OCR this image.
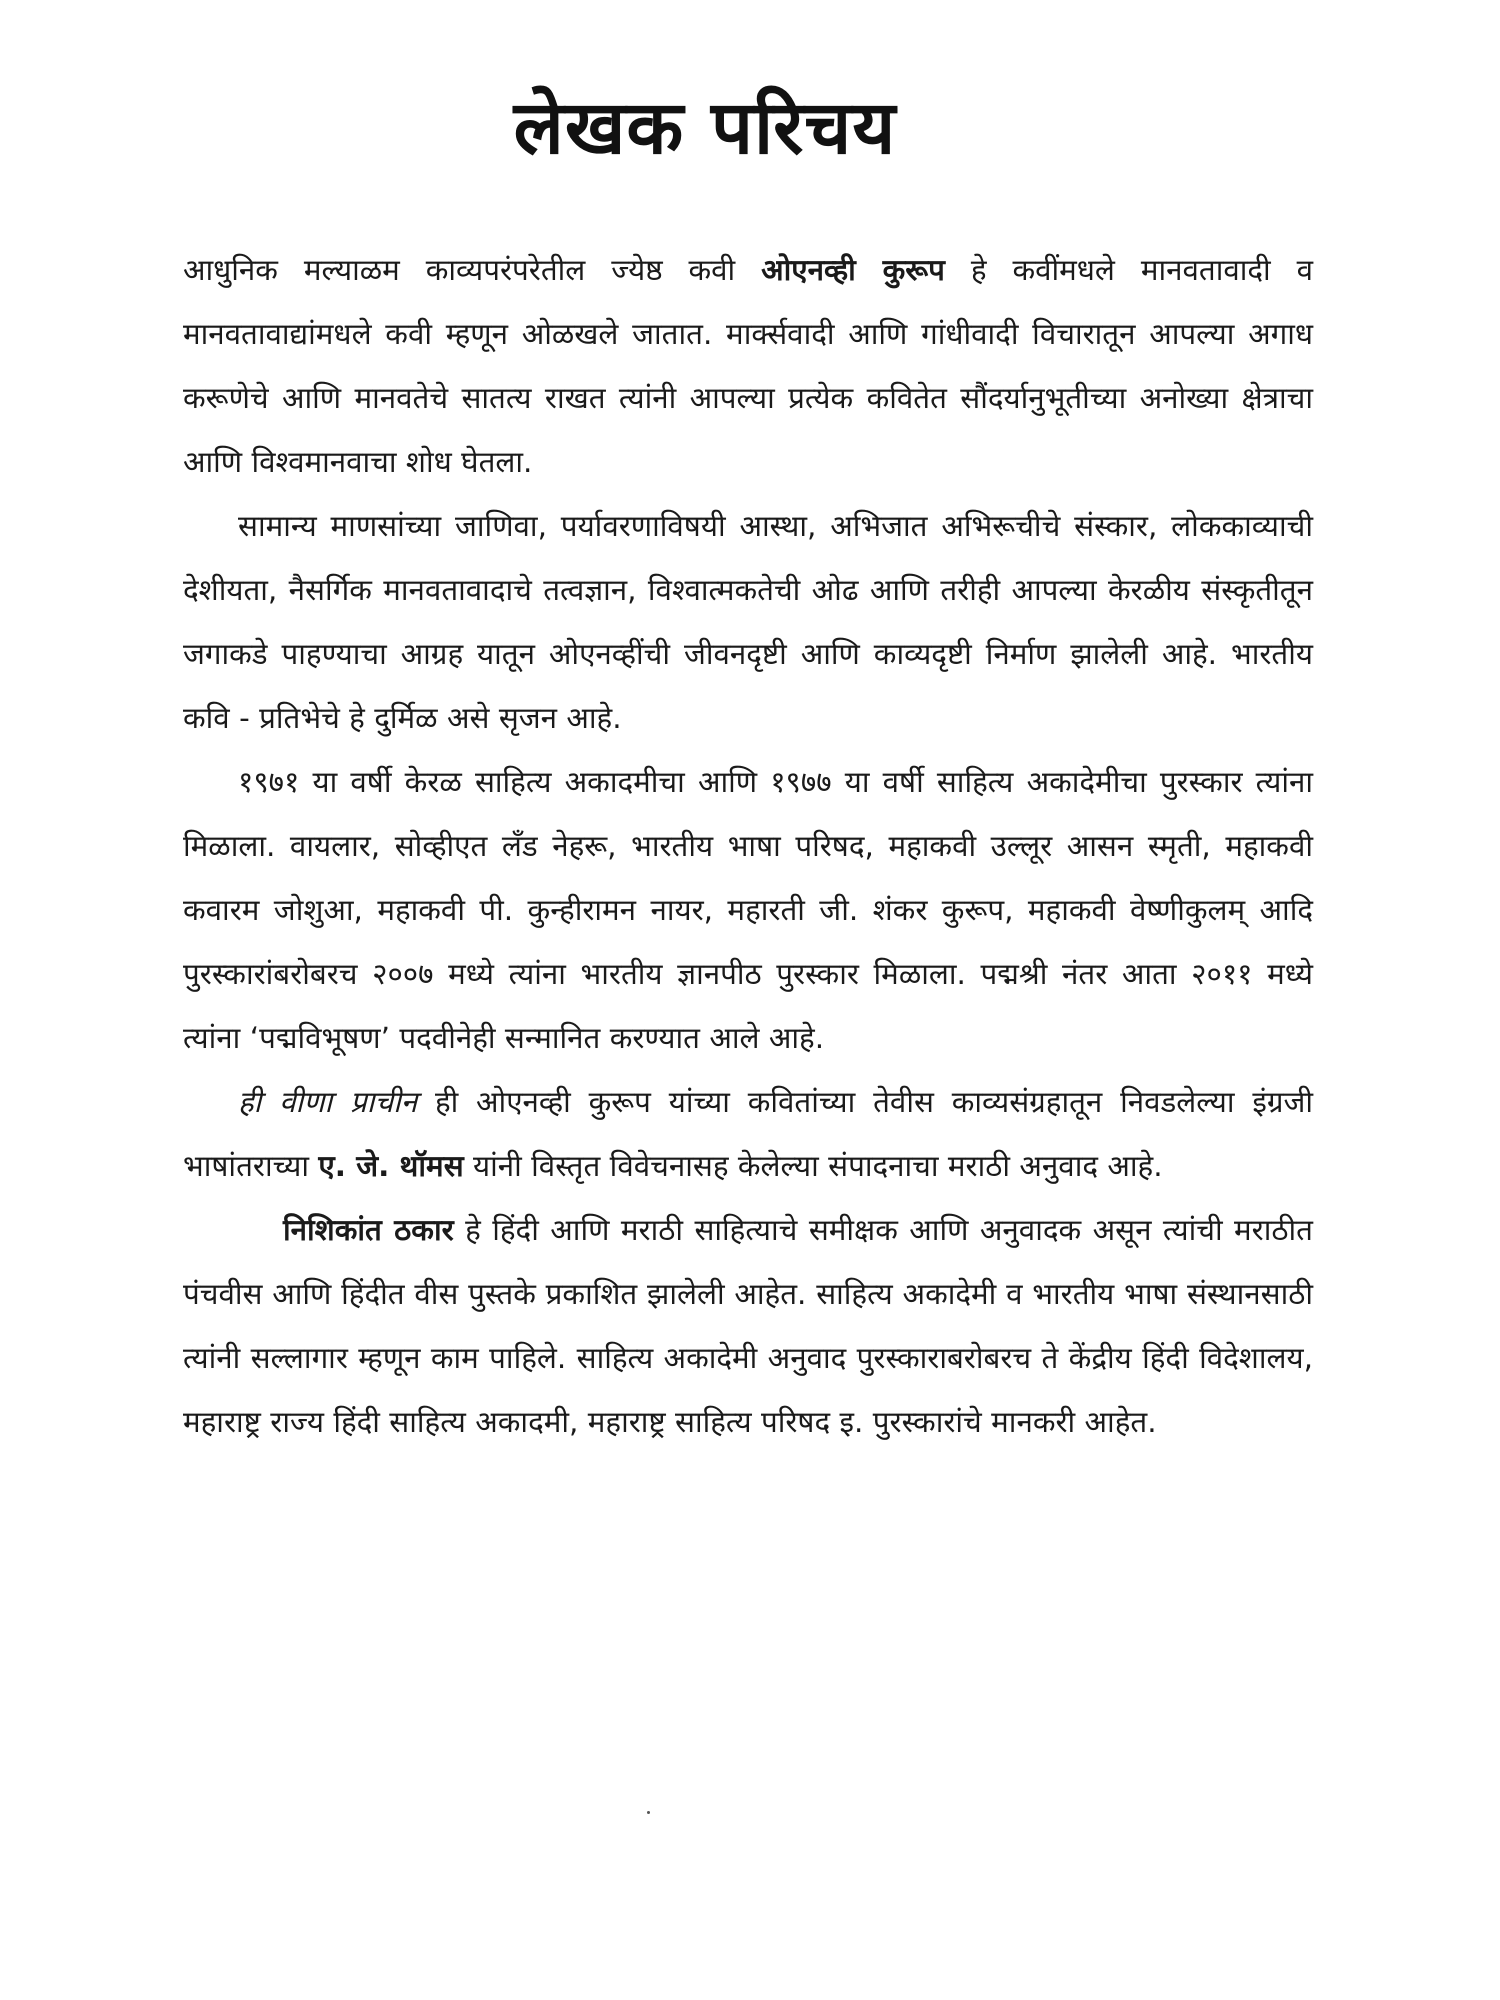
लेखक परिचय

आधुनिक मल्याळम काव्यपरंपरेतील ज्येष्ठ कवी ओएनव्ही कुरूप हे कवींमधले मानवतावादी व मानवतावाद्यांमधले कवी म्हणून ओळखले जातात. मार्क्सवादी आणि गांधीवादी विचारातून आपल्या अगाध करूणेचे आणि मानवतेचे सातत्य राखत त्यांनी आपल्या प्रत्येक कवितेत सौंदर्यानुभूतीच्या अनोख्या क्षेत्राचा आणि विश्वमानवाचा शोध घेतला.

सामान्य माणसांच्या जाणिवा, पर्यावरणाविषयी आस्था, अभिजात अभिरूचीचे संस्कार, लोककाव्याची देशीयता, नैसर्गिक मानवतावादाचे तत्वज्ञान, विश्वात्मकतेची ओढ आणि तरीही आपल्या केरळीय संस्कृतीतून जगाकडे पाहण्याचा आग्रह यातून ओएनव्हींची जीवनदृष्टी आणि काव्यदृष्टी निर्माण झालेली आहे. भारतीय कवि - प्रतिभेचे हे दुर्मिळ असे सृजन आहे.

१९७१ या वर्षी केरळ साहित्य अकादमीचा आणि १९७७ या वर्षी साहित्य अकादेमीचा पुरस्कार त्यांना मिळाला. वायलार, सोव्हीएत लँड नेहरू, भारतीय भाषा परिषद, महाकवी उल्लूर आसन स्मृती, महाकवी कवारम जोशुआ, महाकवी पी. कुन्हीरामन नायर, महारती जी. शंकर कुरूप, महाकवी वेष्णीकुलम् आदि पुरस्कारांबरोबरच २००७ मध्ये त्यांना भारतीय ज्ञानपीठ पुरस्कार मिळाला. पद्मश्री नंतर आता २०११ मध्ये त्यांना ‘पद्मविभूषण’ पदवीनेही सन्मानित करण्यात आले आहे.

ही वीणा प्राचीन ही ओएनव्ही कुरूप यांच्या कवितांच्या तेवीस काव्यसंग्रहातून निवडलेल्या इंग्रजी भाषांतराच्या ए. जे. थॉमस यांनी विस्तृत विवेचनासह केलेल्या संपादनाचा मराठी अनुवाद आहे.

निशिकांत ठकार हे हिंदी आणि मराठी साहित्याचे समीक्षक आणि अनुवादक असून त्यांची मराठीत पंचवीस आणि हिंदीत वीस पुस्तके प्रकाशित झालेली आहेत. साहित्य अकादेमी व भारतीय भाषा संस्थानसाठी त्यांनी सल्लागार म्हणून काम पाहिले. साहित्य अकादेमी अनुवाद पुरस्काराबरोबरच ते केंद्रीय हिंदी विदेशालय, महाराष्ट्र राज्य हिंदी साहित्य अकादमी, महाराष्ट्र साहित्य परिषद इ. पुरस्कारांचे मानकरी आहेत.
